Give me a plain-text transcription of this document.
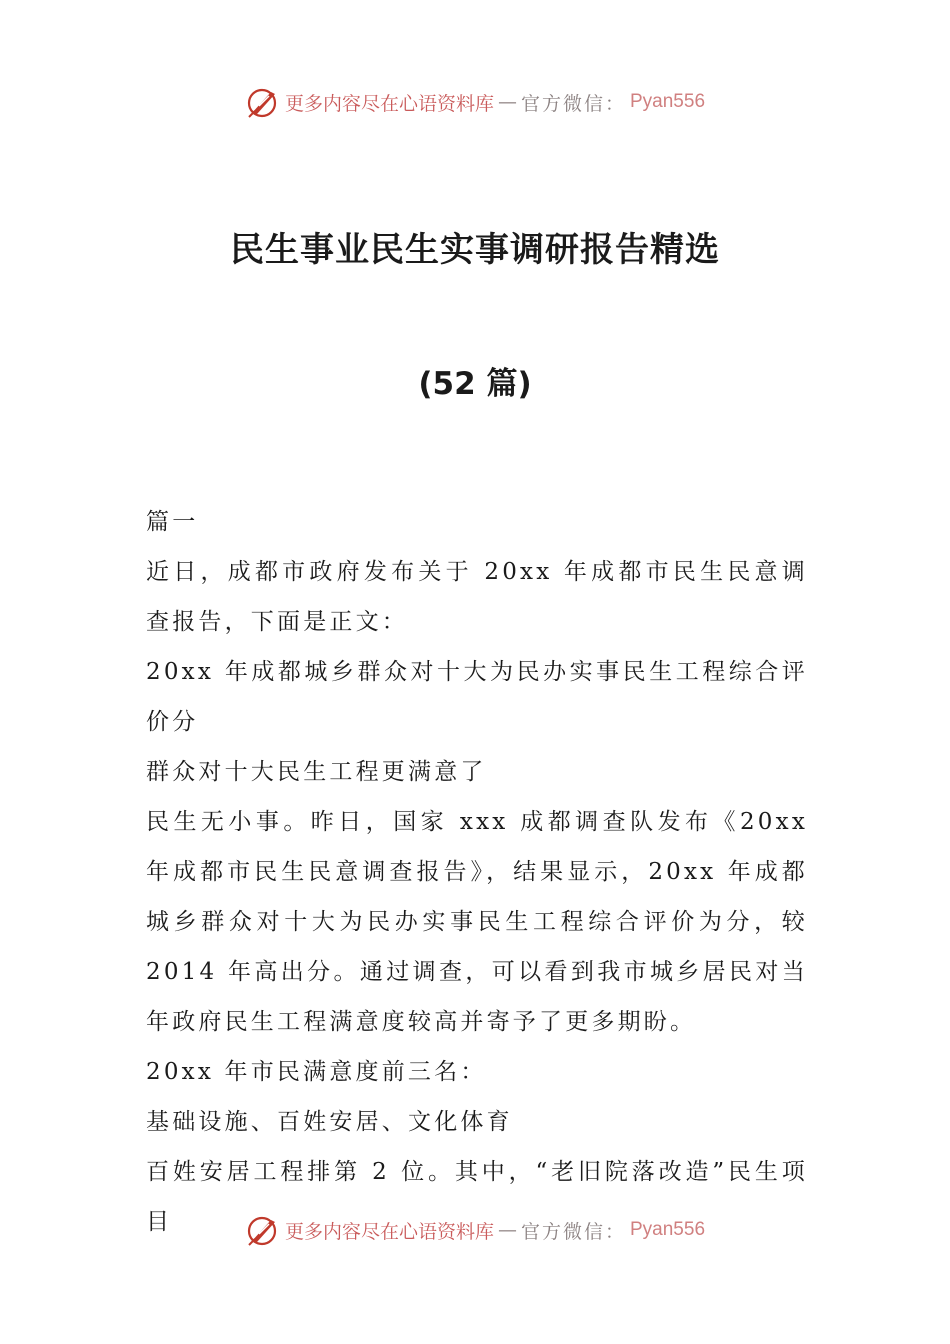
更多内容尽在心语资料库 — 官方微信： Pyan556
民生事业民生实事调研报告精选
(52 篇)

篇一

近日，成都市政府发布关于 20xx 年成都市民生民意调查报告，下面是正文：

20xx 年成都城乡群众对十大为民办实事民生工程综合评价分

群众对十大民生工程更满意了

民生无小事。昨日，国家 xxx 成都调查队发布《20xx 年成都市民生民意调查报告》，结果显示，20xx 年成都城乡群众对十大为民办实事民生工程综合评价为分，较 2014 年高出分。通过调查，可以看到我市城乡居民对当年政府民生工程满意度较高并寄予了更多期盼。

20xx 年市民满意度前三名：

基础设施、百姓安居、文化体育

百姓安居工程排第 2 位。其中，“老旧院落改造”民生项目	更多内容尽在心语资料库 — 官方微信： Pyan556
